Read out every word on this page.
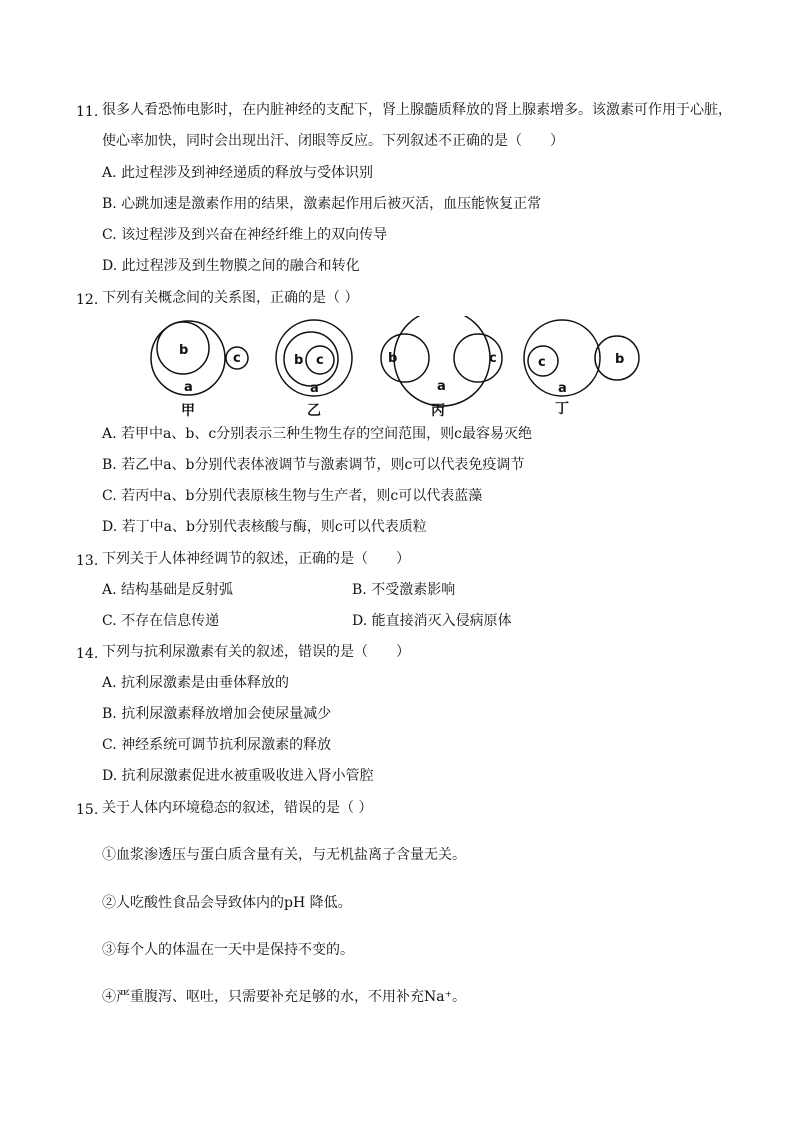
11. 很多人看恐怖电影时，在内脏神经的支配下，肾上腺髓质释放的肾上腺素增多。该激素可作用于心脏，
使心率加快，同时会出现出汗、闭眼等反应。下列叙述不正确的是（　　）
A. 此过程涉及到神经递质的释放与受体识别
B. 心跳加速是激素作用的结果，激素起作用后被灭活，血压能恢复正常
C. 该过程涉及到兴奋在神经纤维上的双向传导
D. 此过程涉及到生物膜之间的融合和转化
12. 下列有关概念间的关系图，正确的是（ ）
b
c
a
甲
b c
a
乙
b	c
a
丙
c	b
a
丁
A. 若甲中a、b、c分别表示三种生物生存的空间范围，则c最容易灭绝
B. 若乙中a、b分别代表体液调节与激素调节，则c可以代表免疫调节
C. 若丙中a、b分别代表原核生物与生产者，则c可以代表蓝藻
D. 若丁中a、b分别代表核酸与酶，则c可以代表质粒
13. 下列关于人体神经调节的叙述，正确的是（　　）
A. 结构基础是反射弧	B. 不受激素影响
C. 不存在信息传递	D. 能直接消灭入侵病原体
14. 下列与抗利尿激素有关的叙述，错误的是（　　）
A. 抗利尿激素是由垂体释放的
B. 抗利尿激素释放增加会使尿量减少
C. 神经系统可调节抗利尿激素的释放
D. 抗利尿激素促进水被重吸收进入肾小管腔
15. 关于人体内环境稳态的叙述，错误的是（ ）
①血浆渗透压与蛋白质含量有关，与无机盐离子含量无关。
②人吃酸性食品会导致体内的pH 降低。
③每个人的体温在一天中是保持不变的。
④严重腹泻、呕吐，只需要补充足够的水，不用补充Na⁺。
